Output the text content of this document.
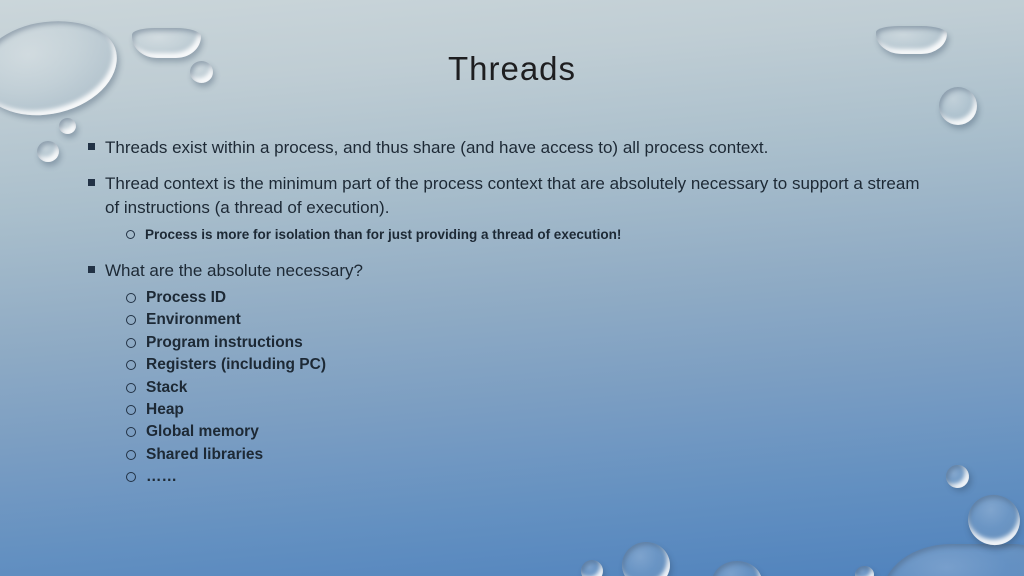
Threads
Threads exist within a process, and thus share (and have access to) all process context.
Thread context is the minimum part of the process context that are absolutely necessary to support a stream of instructions (a thread of execution).
Process is more for isolation than for just providing a thread of execution!
What are the absolute necessary?
Process ID
Environment
Program instructions
Registers (including PC)
Stack
Heap
Global memory
Shared libraries
……
